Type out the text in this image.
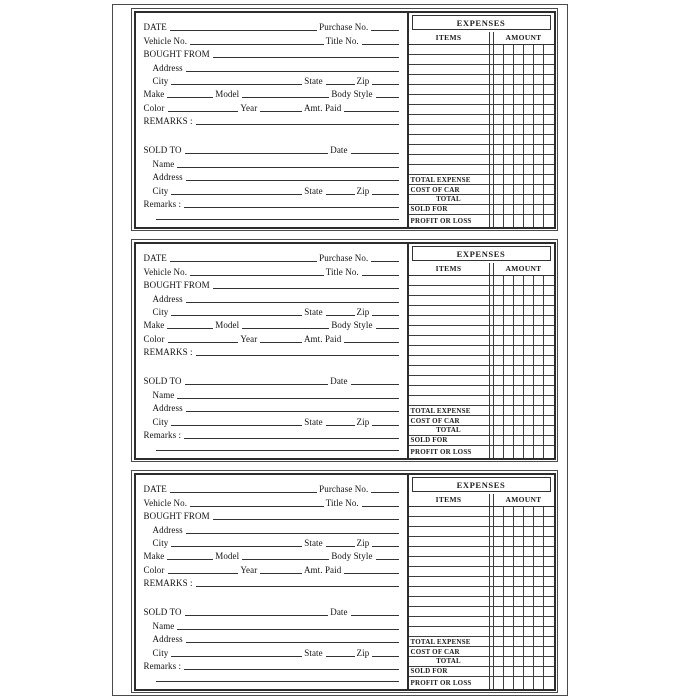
DATE	Purchase No.
Vehicle No.	Title No.
BOUGHT FROM
Address
City	State	Zip
Make	Model	Body Style
Color	Year	Amt. Paid
REMARKS :
SOLD TO	Date
Name
Address
City	State	Zip
Remarks :
EXPENSES
ITEMS	AMOUNT
TOTAL EXPENSE
COST OF CAR
TOTAL
SOLD FOR
PROFIT OR LOSS
DATE	Purchase No.
Vehicle No.	Title No.
BOUGHT FROM
Address
City	State	Zip
Make	Model	Body Style
Color	Year	Amt. Paid
REMARKS :
SOLD TO	Date
Name
Address
City	State	Zip
Remarks :
EXPENSES
ITEMS	AMOUNT
TOTAL EXPENSE
COST OF CAR
TOTAL
SOLD FOR
PROFIT OR LOSS
DATE	Purchase No.
Vehicle No.	Title No.
BOUGHT FROM
Address
City	State	Zip
Make	Model	Body Style
Color	Year	Amt. Paid
REMARKS :
SOLD TO	Date
Name
Address
City	State	Zip
Remarks :
EXPENSES
ITEMS	AMOUNT
TOTAL EXPENSE
COST OF CAR
TOTAL
SOLD FOR
PROFIT OR LOSS
